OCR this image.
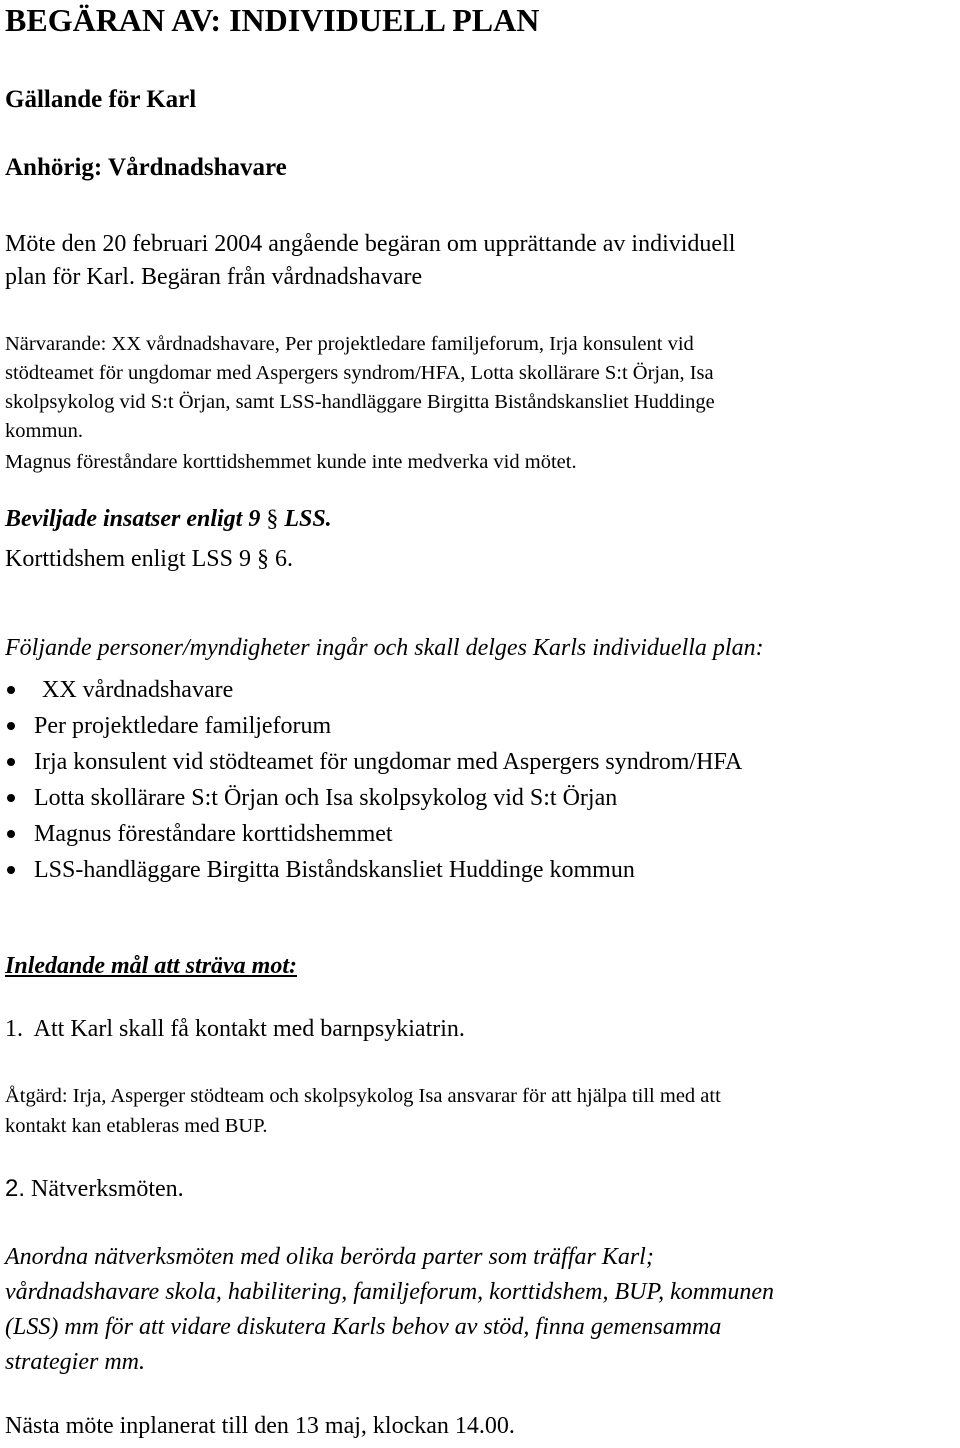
BEGÄRAN AV: INDIVIDUELL PLAN
Gällande för Karl
Anhörig: Vårdnadshavare
Möte den 20 februari 2004 angående begäran om upprättande av individuell
plan för Karl. Begäran från vårdnadshavare
Närvarande: XX vårdnadshavare, Per projektledare familjeforum, Irja konsulent vid
stödteamet för ungdomar med Aspergers syndrom/HFA, Lotta skollärare S:t Örjan, Isa
skolpsykolog vid S:t Örjan, samt LSS-handläggare Birgitta Biståndskansliet Huddinge
kommun.
Magnus föreståndare korttidshemmet kunde inte medverka vid mötet.
Beviljade insatser enligt 9 § LSS.
Korttidshem enligt LSS 9 § 6.
Följande personer/myndigheter ingår och skall delges Karls individuella plan:
XX vårdnadshavare
Per projektledare familjeforum
Irja konsulent vid stödteamet för ungdomar med Aspergers syndrom/HFA
Lotta skollärare S:t Örjan och Isa skolpsykolog vid S:t Örjan
Magnus föreståndare korttidshemmet
LSS-handläggare Birgitta Biståndskansliet Huddinge kommun
Inledande mål att sträva mot:
1.  Att Karl skall få kontakt med barnpsykiatrin.
Åtgärd: Irja, Asperger stödteam och skolpsykolog Isa ansvarar för att hjälpa till med att
kontakt kan etableras med BUP.
2. Nätverksmöten.
Anordna nätverksmöten med olika berörda parter som träffar Karl;
vårdnadshavare skola, habilitering, familjeforum, korttidshem, BUP, kommunen
(LSS) mm för att vidare diskutera Karls behov av stöd, finna gemensamma
strategier mm.
Nästa möte inplanerat till den 13 maj, klockan 14.00.
